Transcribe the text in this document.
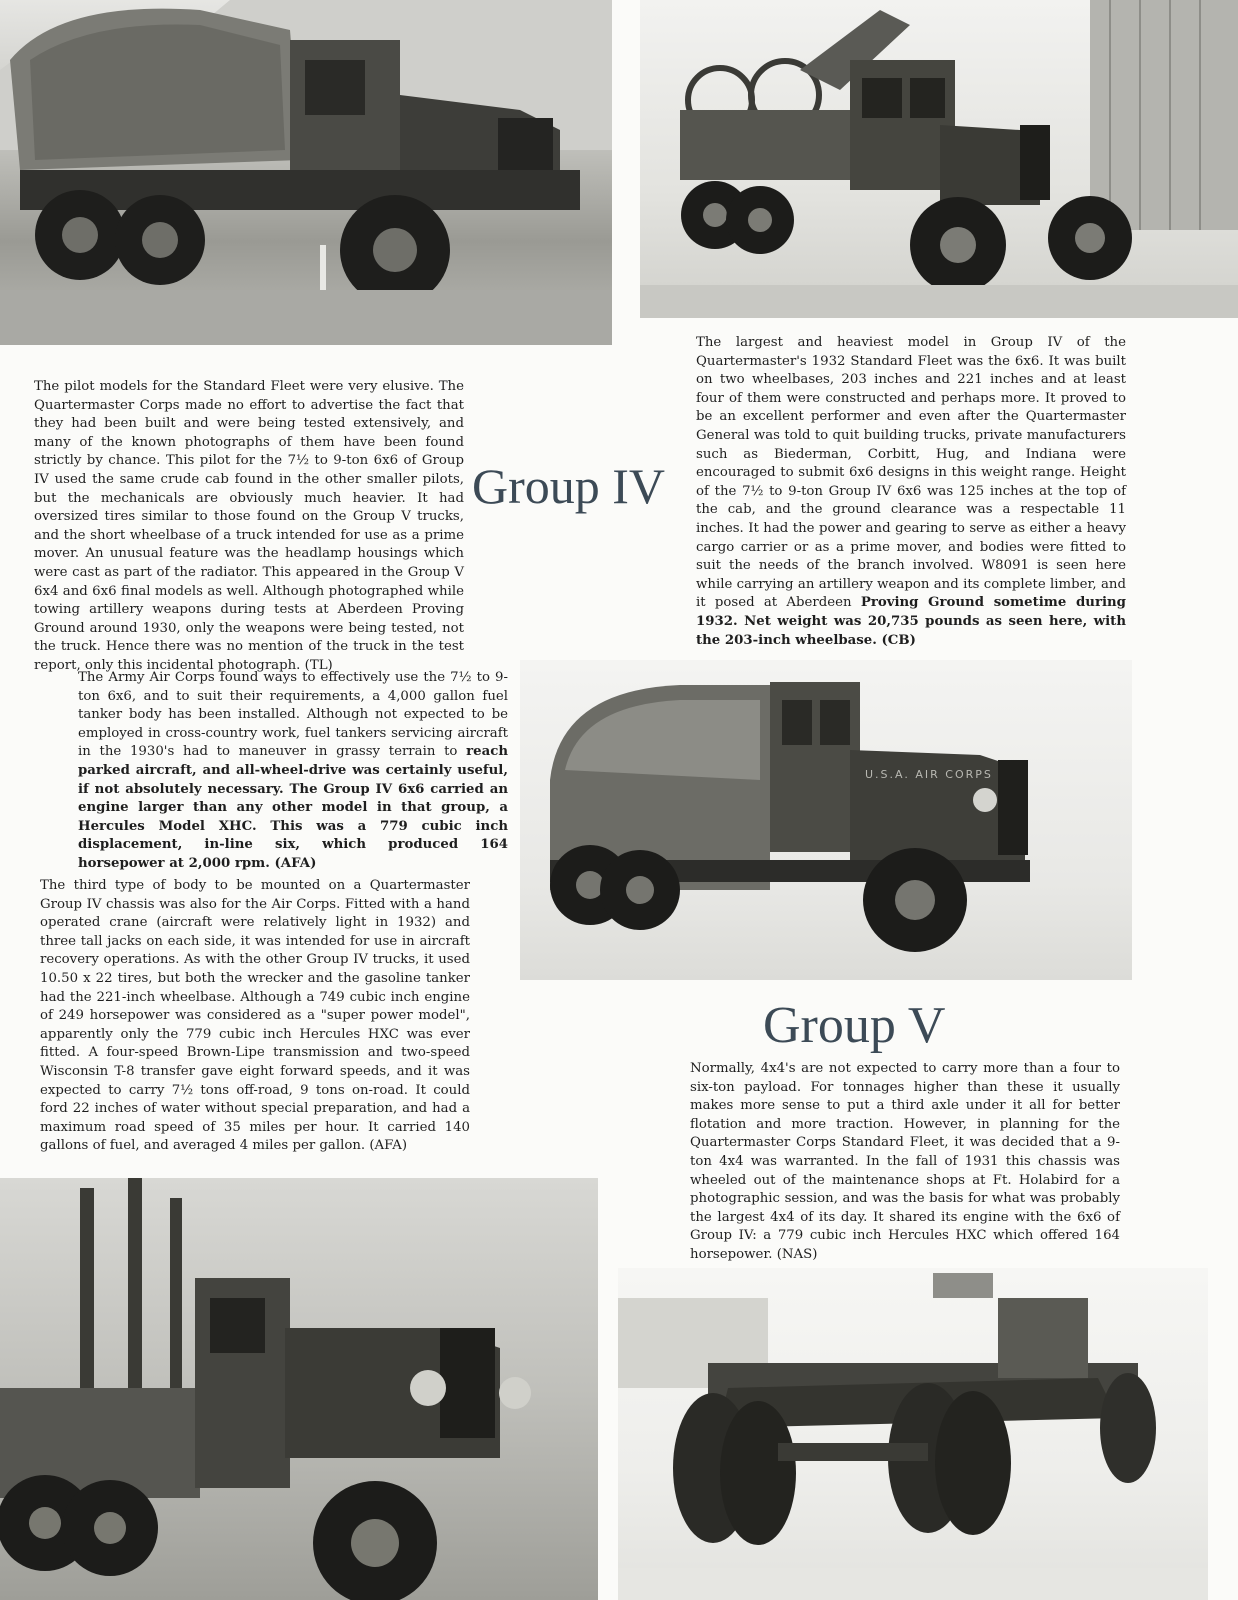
The pilot models for the Standard Fleet were very elusive. The Quartermaster Corps made no effort to advertise the fact that they had been built and were being tested extensively, and many of the known photographs of them have been found strictly by chance. This pilot for the 7½ to 9-ton 6x6 of Group IV used the same crude cab found in the other smaller pilots, but the mechanicals are obviously much heavier. It had oversized tires similar to those found on the Group V trucks, and the short wheelbase of a truck intended for use as a prime mover. An unusual feature was the headlamp housings which were cast as part of the radiator. This appeared in the Group V 6x4 and 6x6 final models as well. Although photographed while towing artillery weapons during tests at Aberdeen Proving Ground around 1930, only the weapons were being tested, not the truck. Hence there was no mention of the truck in the test report, only this incidental photograph. (TL)

Group IV

The largest and heaviest model in Group IV of the Quartermaster's 1932 Standard Fleet was the 6x6. It was built on two wheelbases, 203 inches and 221 inches and at least four of them were constructed and perhaps more. It proved to be an excellent performer and even after the Quartermaster General was told to quit building trucks, private manufacturers such as Biederman, Corbitt, Hug, and Indiana were encouraged to submit 6x6 designs in this weight range. Height of the 7½ to 9-ton Group IV 6x6 was 125 inches at the top of the cab, and the ground clearance was a respectable 11 inches. It had the power and gearing to serve as either a heavy cargo carrier or as a prime mover, and bodies were fitted to suit the needs of the branch involved. W8091 is seen here while carrying an artillery weapon and its complete limber, and it posed at Aberdeen Proving Ground sometime during 1932. Net weight was 20,735 pounds as seen here, with the 203-inch wheelbase. (CB)

The Army Air Corps found ways to effectively use the 7½ to 9-ton 6x6, and to suit their requirements, a 4,000 gallon fuel tanker body has been installed. Although not expected to be employed in cross-country work, fuel tankers servicing aircraft in the 1930's had to maneuver in grassy terrain to reach parked aircraft, and all-wheel-drive was certainly useful, if not absolutely necessary. The Group IV 6x6 carried an engine larger than any other model in that group, a Hercules Model XHC. This was a 779 cubic inch displacement, in-line six, which produced 164 horsepower at 2,000 rpm. (AFA)

U.S.A. AIR CORPS

The third type of body to be mounted on a Quartermaster Group IV chassis was also for the Air Corps. Fitted with a hand operated crane (aircraft were relatively light in 1932) and three tall jacks on each side, it was intended for use in aircraft recovery operations. As with the other Group IV trucks, it used 10.50 x 22 tires, but both the wrecker and the gasoline tanker had the 221-inch wheelbase. Although a 749 cubic inch engine of 249 horsepower was considered as a "super power model", apparently only the 779 cubic inch Hercules HXC was ever fitted. A four-speed Brown-Lipe transmission and two-speed Wisconsin T-8 transfer gave eight forward speeds, and it was expected to carry 7½ tons off-road, 9 tons on-road. It could ford 22 inches of water without special preparation, and had a maximum road speed of 35 miles per hour. It carried 140 gallons of fuel, and averaged 4 miles per gallon. (AFA)

Group V

Normally, 4x4's are not expected to carry more than a four to six-ton payload. For tonnages higher than these it usually makes more sense to put a third axle under it all for better flotation and more traction. However, in planning for the Quartermaster Corps Standard Fleet, it was decided that a 9-ton 4x4 was warranted. In the fall of 1931 this chassis was wheeled out of the maintenance shops at Ft. Holabird for a photographic session, and was the basis for what was probably the largest 4x4 of its day. It shared its engine with the 6x6 of Group IV: a 779 cubic inch Hercules HXC which offered 164 horsepower. (NAS)
